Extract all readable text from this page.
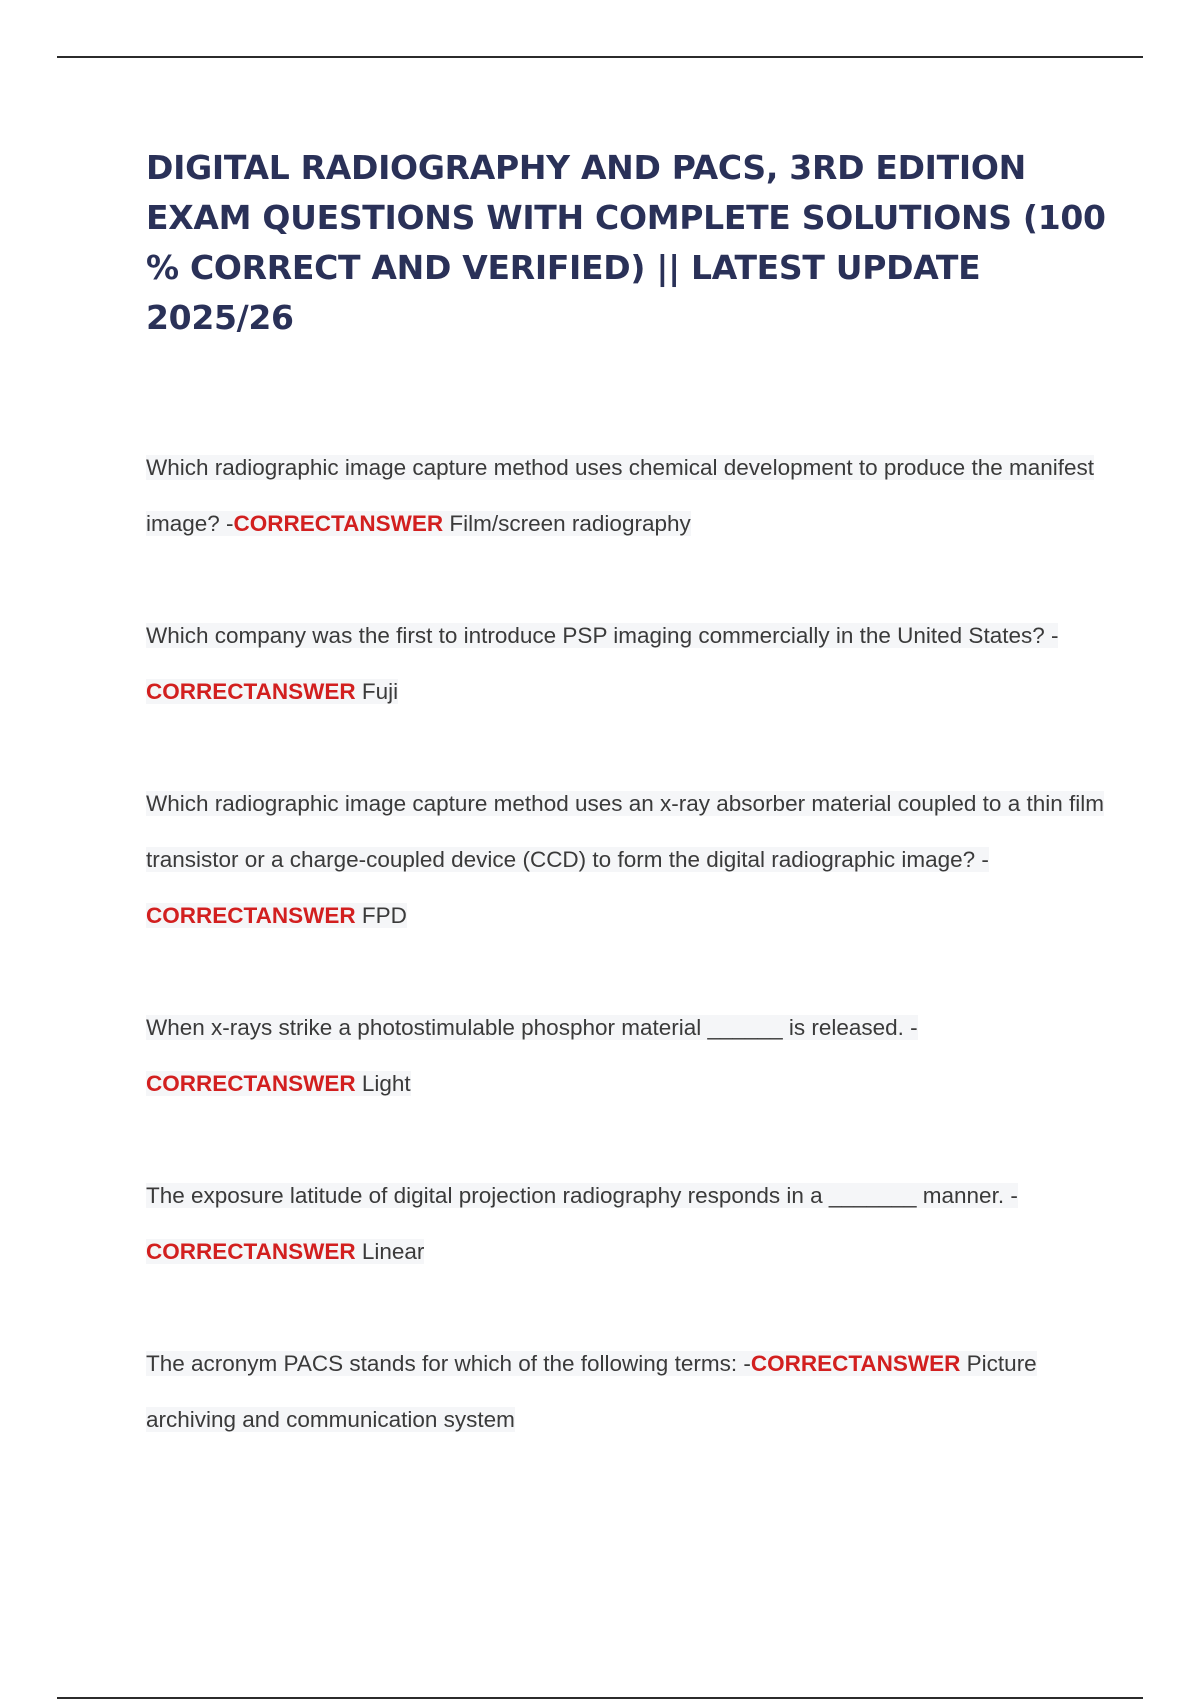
DIGITAL RADIOGRAPHY AND PACS, 3RD EDITION EXAM QUESTIONS WITH COMPLETE SOLUTIONS (100 % CORRECT AND VERIFIED) || LATEST UPDATE 2025/26

Which radiographic image capture method uses chemical development to produce the manifest image? -CORRECTANSWER Film/screen radiography

Which company was the first to introduce PSP imaging commercially in the United States? -CORRECTANSWER Fuji

Which radiographic image capture method uses an x-ray absorber material coupled to a thin film transistor or a charge-coupled device (CCD) to form the digital radiographic image? -CORRECTANSWER FPD

When x-rays strike a photostimulable phosphor material ______ is released. -CORRECTANSWER Light

The exposure latitude of digital projection radiography responds in a _______ manner. -CORRECTANSWER Linear

The acronym PACS stands for which of the following terms: -CORRECTANSWER Picture archiving and communication system
